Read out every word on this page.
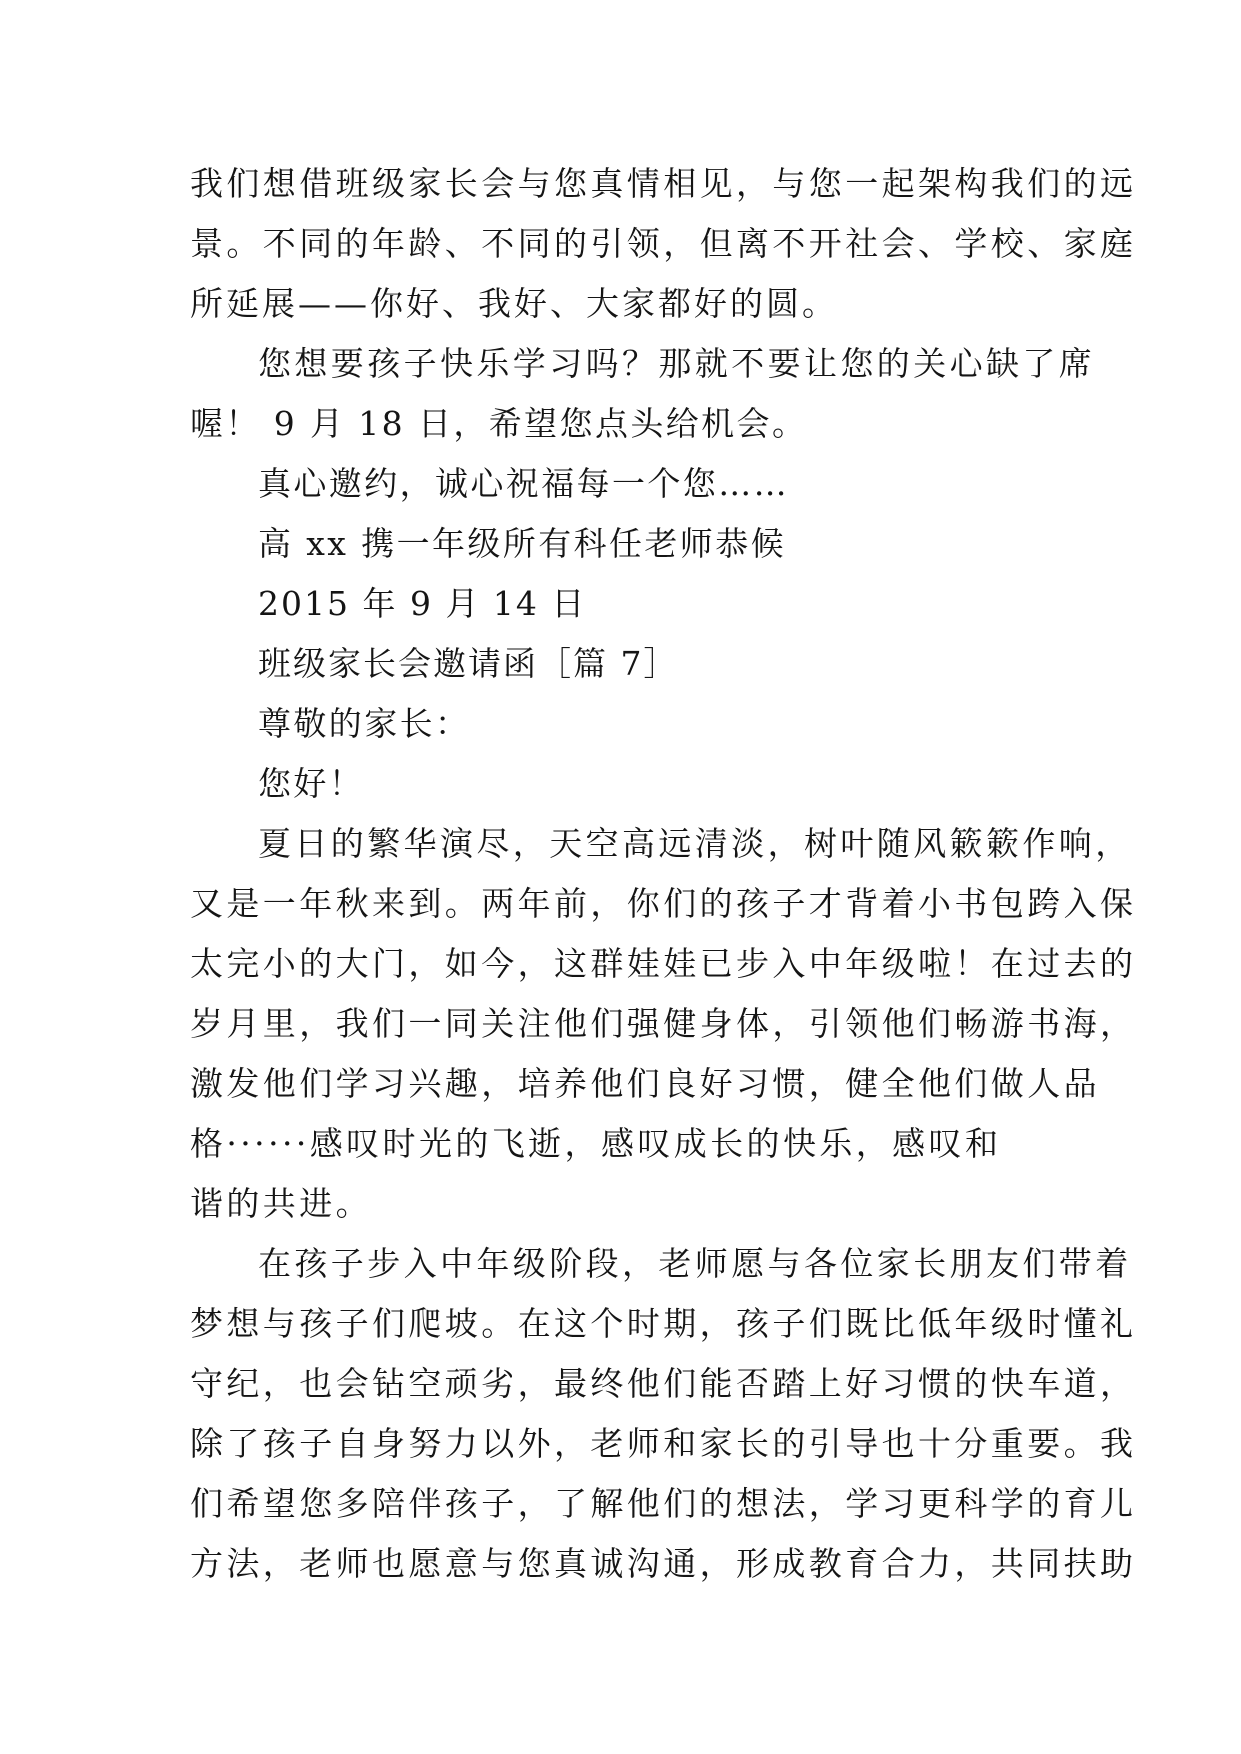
我们想借班级家长会与您真情相见，与您一起架构我们的远
景。不同的年龄、不同的引领，但离不开社会、学校、家庭
所延展——你好、我好、大家都好的圆。
您想要孩子快乐学习吗？那就不要让您的关心缺了席
喔！ 9 月 18 日，希望您点头给机会。
真心邀约，诚心祝福每一个您……
高 xx 携一年级所有科任老师恭候
2015 年 9 月 14 日
班级家长会邀请函［篇 7］
尊敬的家长：
您好！
夏日的繁华演尽，天空高远清淡，树叶随风簌簌作响，
又是一年秋来到。两年前，你们的孩子才背着小书包跨入保
太完小的大门，如今，这群娃娃已步入中年级啦！在过去的
岁月里，我们一同关注他们强健身体，引领他们畅游书海，
激发他们学习兴趣，培养他们良好习惯，健全他们做人品
格······感叹时光的飞逝，感叹成长的快乐，感叹和
谐的共进。
在孩子步入中年级阶段，老师愿与各位家长朋友们带着
梦想与孩子们爬坡。在这个时期，孩子们既比低年级时懂礼
守纪，也会钻空顽劣，最终他们能否踏上好习惯的快车道，
除了孩子自身努力以外，老师和家长的引导也十分重要。我
们希望您多陪伴孩子，了解他们的想法，学习更科学的育儿
方法，老师也愿意与您真诚沟通，形成教育合力，共同扶助
